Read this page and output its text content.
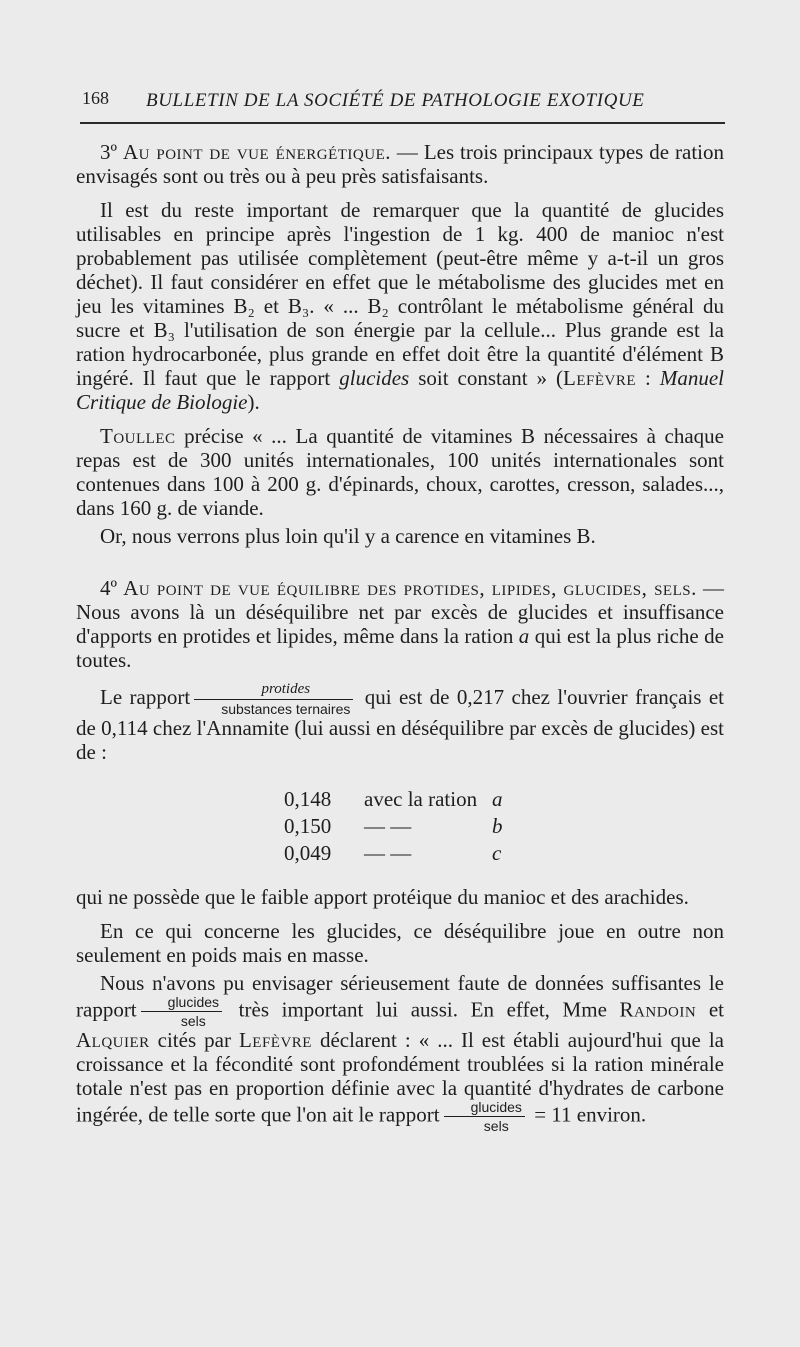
168 BULLETIN DE LA SOCIÉTÉ DE PATHOLOGIE EXOTIQUE

3º Au point de vue énergétique. — Les trois principaux types de ration envisagés sont ou très ou à peu près satisfaisants.

Il est du reste important de remarquer que la quantité de glucides utilisables en principe après l'ingestion de 1 kg. 400 de manioc n'est probablement pas utilisée complètement (peut-être même y a-t-il un gros déchet). Il faut considérer en effet que le métabolisme des glucides met en jeu les vitamines B₂ et B₃. « ... B₂ contrôlant le métabolisme général du sucre et B₃ l'utilisation de son énergie par la cellule... Plus grande est la ration hydrocarbonée, plus grande en effet doit être la quantité d'élément B ingéré. Il faut que le rapport glucides soit constant » (Lefèvre : Manuel Critique de Biologie).

Toullec précise « ... La quantité de vitamines B nécessaires à chaque repas est de 300 unités internationales, 100 unités internationales sont contenues dans 100 à 200 g. d'épinards, choux, carottes, cresson, salades..., dans 160 g. de viande.

Or, nous verrons plus loin qu'il y a carence en vitamines B.

4º Au point de vue équilibre des protides, lipides, glucides, sels. — Nous avons là un déséquilibre net par excès de glucides et insuffisance d'apports en protides et lipides, même dans la ration a qui est la plus riche de toutes.

Le rapport $\frac{\text{protides}}{\text{substances ternaires}}$ qui est de 0,217 chez l'ouvrier français et de 0,114 chez l'Annamite (lui aussi en déséquilibre par excès de glucides) est de :

0,148	avec la ration	a
0,150	— —	b
0,049	— —	c

qui ne possède que le faible apport protéique du manioc et des arachides.

En ce qui concerne les glucides, ce déséquilibre joue en outre non seulement en poids mais en masse.

Nous n'avons pu envisager sérieusement faute de données suffisantes le rapport $\frac{\text{glucides}}{\text{sels}}$ très important lui aussi. En effet, Mme Randoin et Alquier cités par Lefèvre déclarent : « ... Il est établi aujourd'hui que la croissance et la fécondité sont profondément troublées si la ration minérale totale n'est pas en proportion définie avec la quantité d'hydrates de carbone ingérée, de telle sorte que l'on ait le rapport $\frac{\text{glucides}}{\text{sels}} = 11$ environ.
